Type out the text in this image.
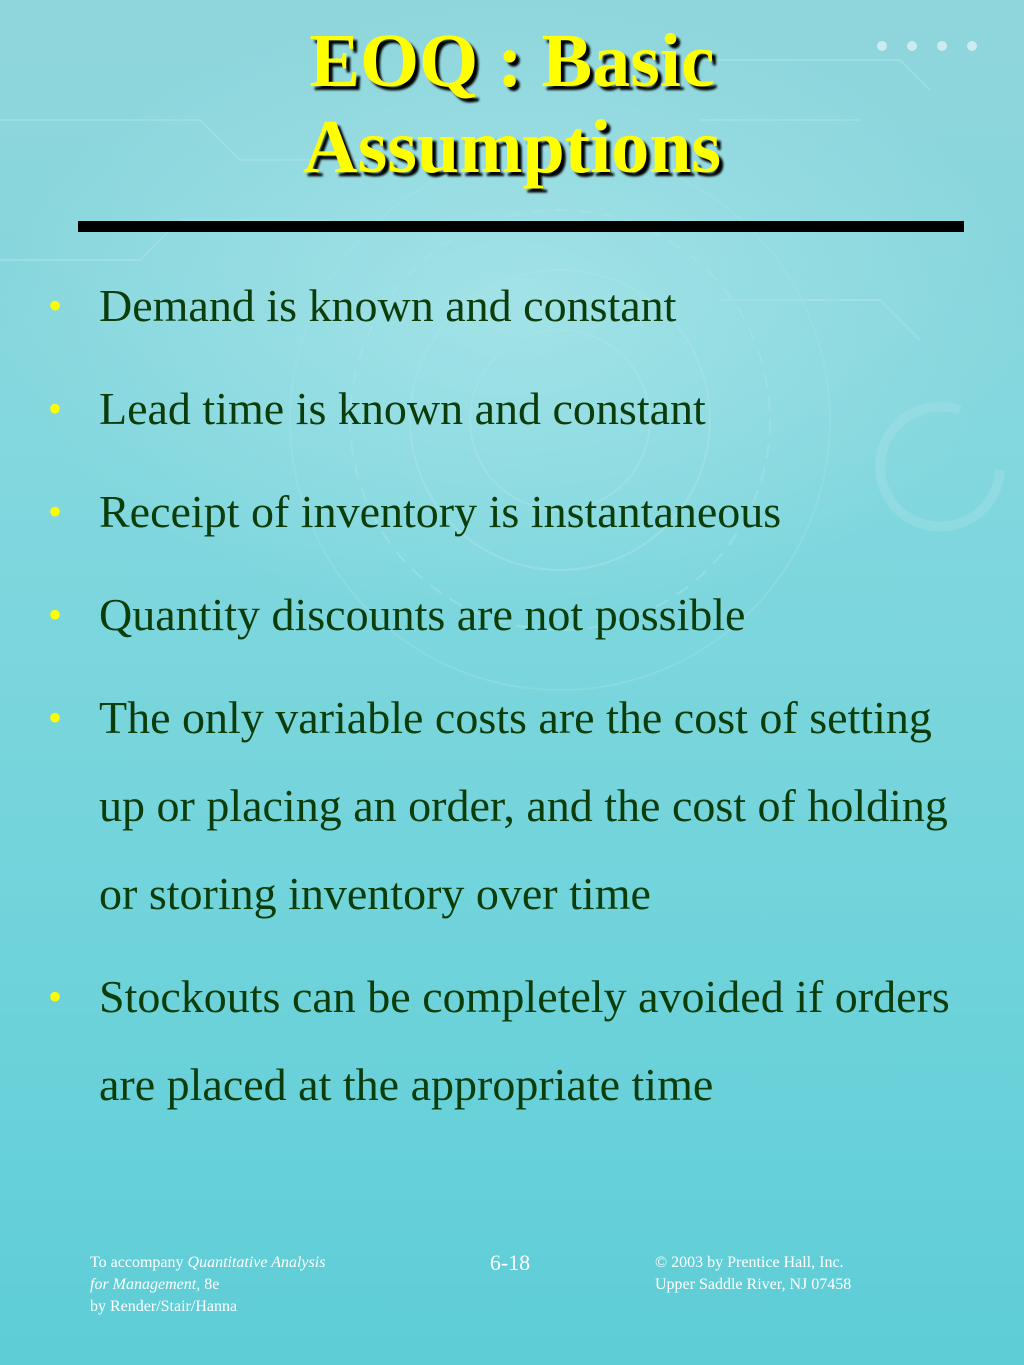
EOQ : Basic
Assumptions
• Demand is known and constant
• Lead time is known and constant
• Receipt of inventory is instantaneous
• Quantity discounts are not possible
• The only variable costs are the cost of setting up or placing an order, and the cost of holding or storing inventory over time
• Stockouts can be completely avoided if orders are placed at the appropriate time
To accompany Quantitative Analysis
for Management, 8e
by Render/Stair/Hanna
6-18	© 2003 by Prentice Hall, Inc.
Upper Saddle River, NJ 07458
